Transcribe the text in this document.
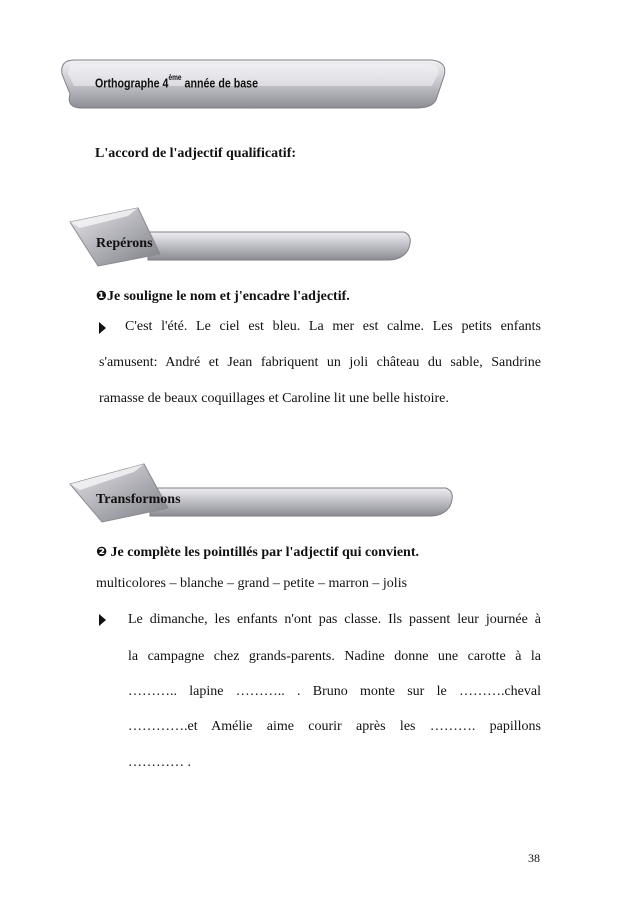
Orthographe 4ème année de base
L'accord de l'adjectif qualificatif:
Repérons
❶Je souligne le nom et j'encadre l'adjectif.
C'est l'été. Le ciel est bleu. La mer est calme. Les petits enfants
s'amusent: André et Jean fabriquent un joli château du sable, Sandrine
ramasse de beaux coquillages et Caroline lit une belle histoire.
Transformons
❷ Je complète les pointillés par l'adjectif qui convient.
multicolores – blanche – grand – petite – marron – jolis
Le dimanche, les enfants n'ont pas classe. Ils passent leur journée à
la campagne chez grands-parents. Nadine donne une carotte à la
……….. lapine ……….. . Bruno monte sur le ……….cheval
………….et Amélie aime courir après les ………. papillons
………… .
38
